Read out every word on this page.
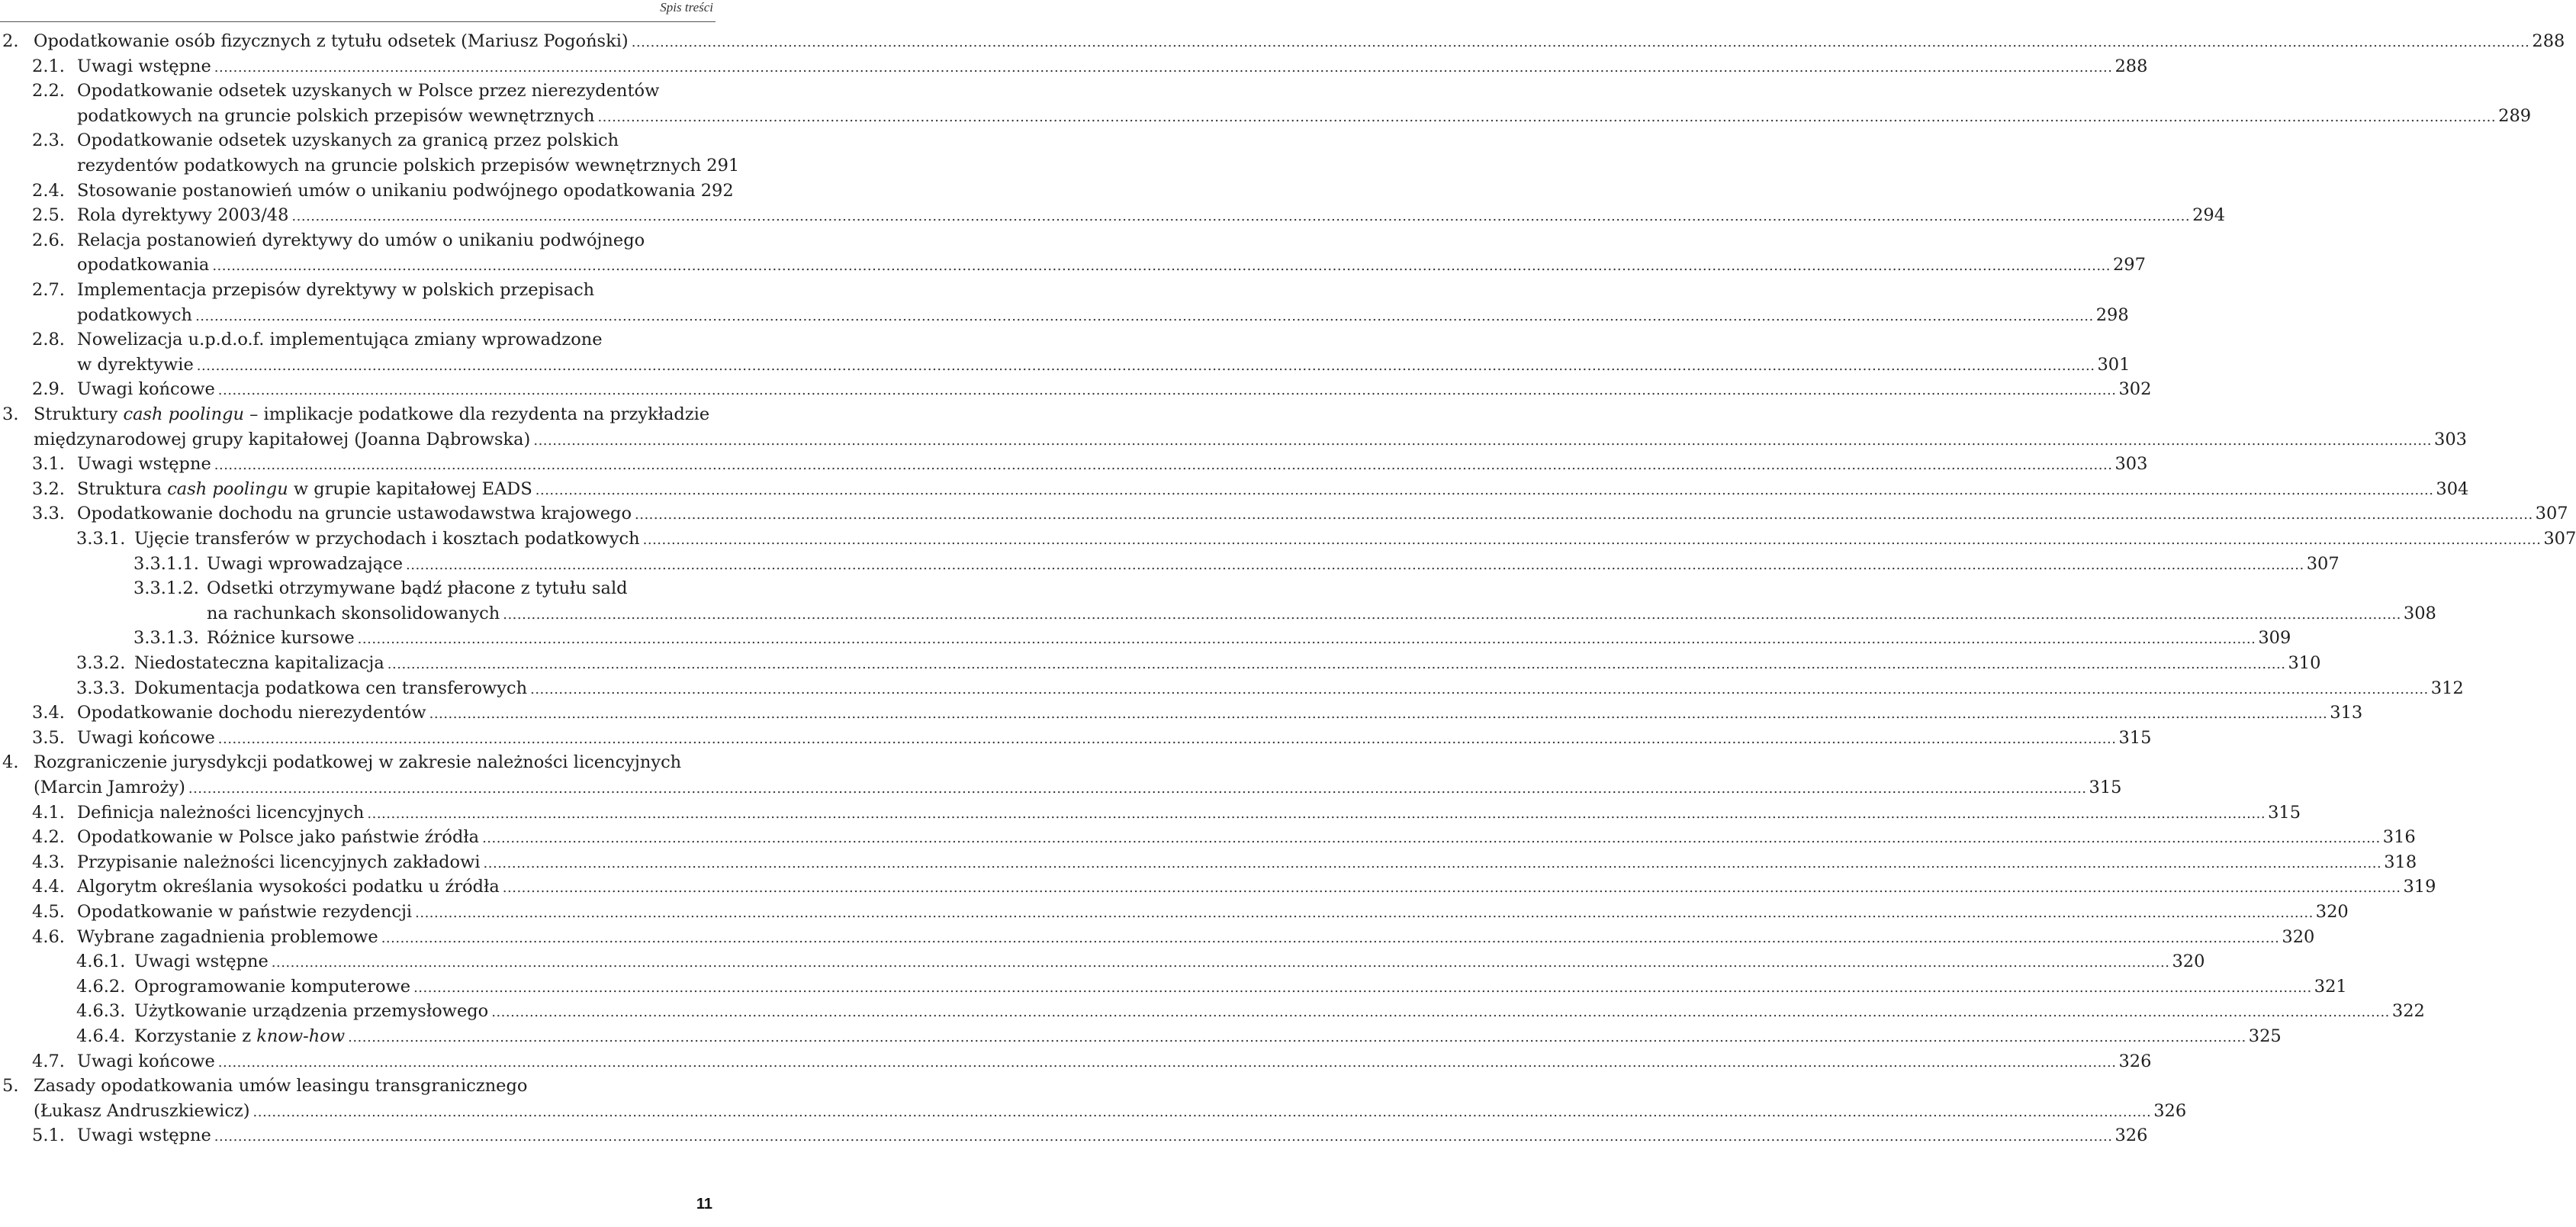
Spis treści
2. Opodatkowanie osób fizycznych z tytułu odsetek (Mariusz Pogoński) ................................................................................................................................................................................................................................................................................................................................................................................................................ 288
2.1. Uwagi wstępne ................................................................................................................................................................................................................................................................................................................................................................................................................ 288
2.2. Opodatkowanie odsetek uzyskanych w Polsce przez nierezydentów
podatkowych na gruncie polskich przepisów wewnętrznych ................................................................................................................................................................................................................................................................................................................................................................................................................ 289
2.3. Opodatkowanie odsetek uzyskanych za granicą przez polskich
rezydentów podatkowych na gruncie polskich przepisów wewnętrznych 291
2.4. Stosowanie postanowień umów o unikaniu podwójnego opodatkowania 292
2.5. Rola dyrektywy 2003/48 ................................................................................................................................................................................................................................................................................................................................................................................................................ 294
2.6. Relacja postanowień dyrektywy do umów o unikaniu podwójnego
opodatkowania ................................................................................................................................................................................................................................................................................................................................................................................................................ 297
2.7. Implementacja przepisów dyrektywy w polskich przepisach
podatkowych ................................................................................................................................................................................................................................................................................................................................................................................................................ 298
2.8. Nowelizacja u.p.d.o.f. implementująca zmiany wprowadzone
w dyrektywie ................................................................................................................................................................................................................................................................................................................................................................................................................ 301
2.9. Uwagi końcowe ................................................................................................................................................................................................................................................................................................................................................................................................................ 302
3. Struktury cash poolingu – implikacje podatkowe dla rezydenta na przykładzie
międzynarodowej grupy kapitałowej (Joanna Dąbrowska) ................................................................................................................................................................................................................................................................................................................................................................................................................ 303
3.1. Uwagi wstępne ................................................................................................................................................................................................................................................................................................................................................................................................................ 303
3.2. Struktura cash poolingu w grupie kapitałowej EADS ................................................................................................................................................................................................................................................................................................................................................................................................................ 304
3.3. Opodatkowanie dochodu na gruncie ustawodawstwa krajowego ................................................................................................................................................................................................................................................................................................................................................................................................................ 307
3.3.1. Ujęcie transferów w przychodach i kosztach podatkowych ................................................................................................................................................................................................................................................................................................................................................................................................................ 307
3.3.1.1. Uwagi wprowadzające ................................................................................................................................................................................................................................................................................................................................................................................................................ 307
3.3.1.2. Odsetki otrzymywane bądź płacone z tytułu sald
na rachunkach skonsolidowanych ................................................................................................................................................................................................................................................................................................................................................................................................................ 308
3.3.1.3. Różnice kursowe ................................................................................................................................................................................................................................................................................................................................................................................................................ 309
3.3.2. Niedostateczna kapitalizacja ................................................................................................................................................................................................................................................................................................................................................................................................................ 310
3.3.3. Dokumentacja podatkowa cen transferowych ................................................................................................................................................................................................................................................................................................................................................................................................................ 312
3.4. Opodatkowanie dochodu nierezydentów ................................................................................................................................................................................................................................................................................................................................................................................................................ 313
3.5. Uwagi końcowe ................................................................................................................................................................................................................................................................................................................................................................................................................ 315
4. Rozgraniczenie jurysdykcji podatkowej w zakresie należności licencyjnych
(Marcin Jamroży) ................................................................................................................................................................................................................................................................................................................................................................................................................ 315
4.1. Definicja należności licencyjnych ................................................................................................................................................................................................................................................................................................................................................................................................................ 315
4.2. Opodatkowanie w Polsce jako państwie źródła ................................................................................................................................................................................................................................................................................................................................................................................................................ 316
4.3. Przypisanie należności licencyjnych zakładowi ................................................................................................................................................................................................................................................................................................................................................................................................................ 318
4.4. Algorytm określania wysokości podatku u źródła ................................................................................................................................................................................................................................................................................................................................................................................................................ 319
4.5. Opodatkowanie w państwie rezydencji ................................................................................................................................................................................................................................................................................................................................................................................................................ 320
4.6. Wybrane zagadnienia problemowe ................................................................................................................................................................................................................................................................................................................................................................................................................ 320
4.6.1. Uwagi wstępne ................................................................................................................................................................................................................................................................................................................................................................................................................ 320
4.6.2. Oprogramowanie komputerowe ................................................................................................................................................................................................................................................................................................................................................................................................................ 321
4.6.3. Użytkowanie urządzenia przemysłowego ................................................................................................................................................................................................................................................................................................................................................................................................................ 322
4.6.4. Korzystanie z know-how ................................................................................................................................................................................................................................................................................................................................................................................................................ 325
4.7. Uwagi końcowe ................................................................................................................................................................................................................................................................................................................................................................................................................ 326
5. Zasady opodatkowania umów leasingu transgranicznego
(Łukasz Andruszkiewicz) ................................................................................................................................................................................................................................................................................................................................................................................................................ 326
5.1. Uwagi wstępne ................................................................................................................................................................................................................................................................................................................................................................................................................ 326
11
